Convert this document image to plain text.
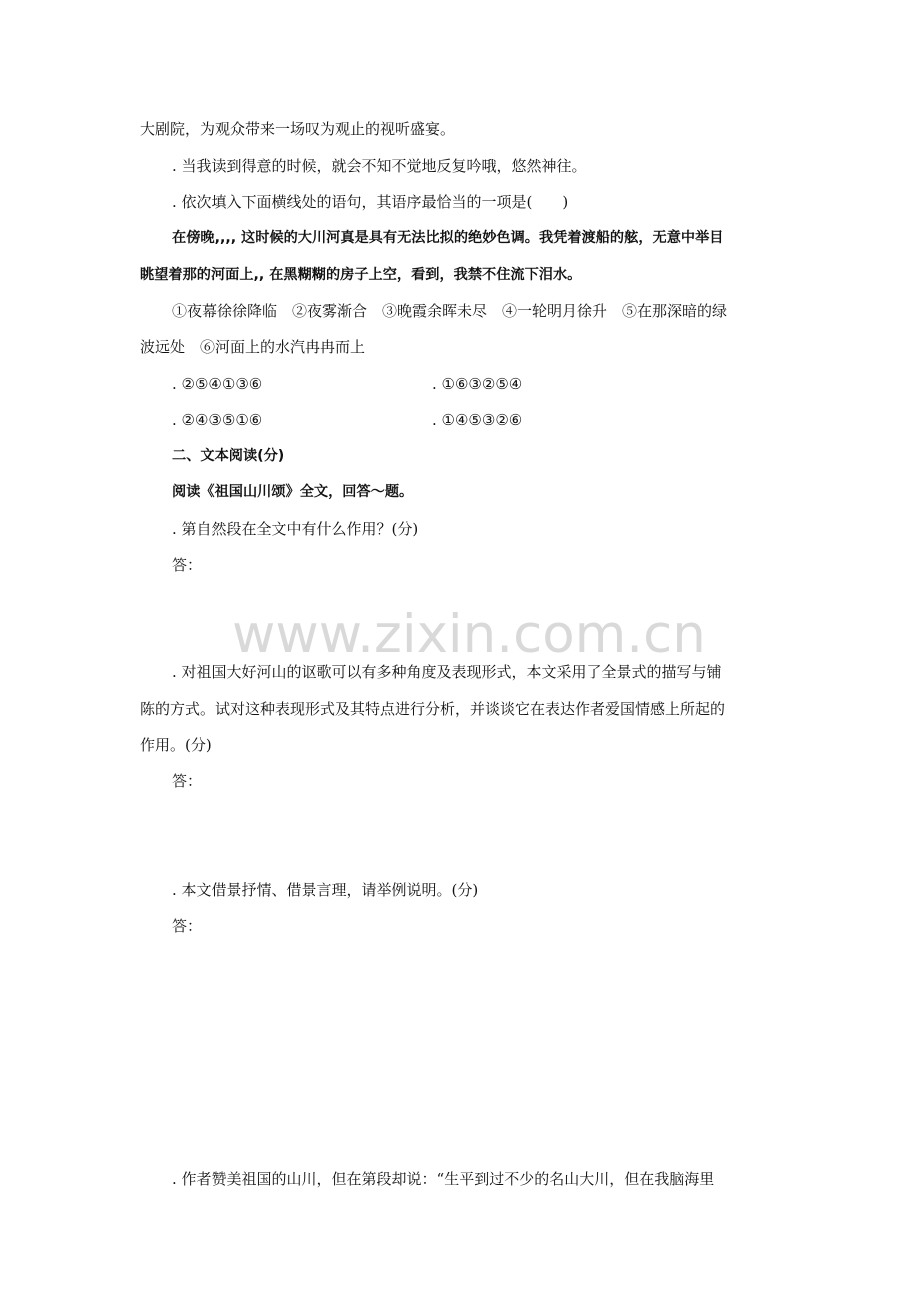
大剧院，为观众带来一场叹为观止的视听盛宴。
. 当我读到得意的时候，就会不知不觉地反复吟哦，悠然神往。
. 依次填入下面横线处的语句，其语序最恰当的一项是(　　)
在傍晚,,,, 这时候的大川河真是具有无法比拟的绝妙色调。我凭着渡船的舷，无意中举目
眺望着那的河面上,, 在黑糊糊的房子上空，看到，我禁不住流下泪水。
①夜幕徐徐降临　②夜雾渐合　③晚霞余晖未尽　④一轮明月徐升　⑤在那深暗的绿
波远处　⑥河面上的水汽冉冉而上
. ②⑤④①③⑥	. ①⑥③②⑤④
. ②④③⑤①⑥	. ①④⑤③②⑥
二、文本阅读(分)
阅读《祖国山川颂》全文，回答～题。
. 第自然段在全文中有什么作用？(分)
答：
www.zixin.com.cn
. 对祖国大好河山的讴歌可以有多种角度及表现形式，本文采用了全景式的描写与铺
陈的方式。试对这种表现形式及其特点进行分析，并谈谈它在表达作者爱国情感上所起的
作用。(分)
答：
. 本文借景抒情、借景言理，请举例说明。(分)
答：
. 作者赞美祖国的山川，但在第段却说：“生平到过不少的名山大川，但在我脑海里
